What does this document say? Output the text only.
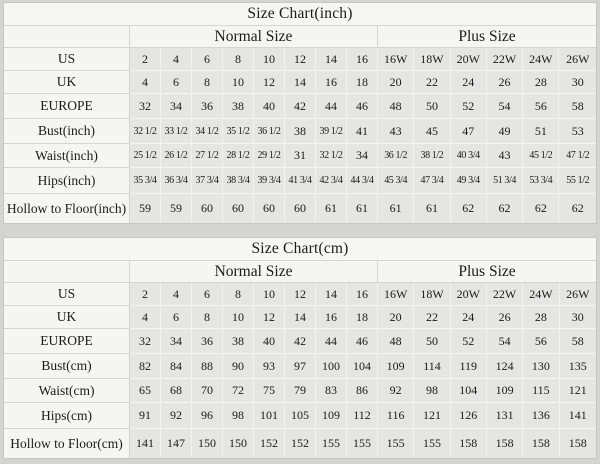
Size Chart(inch)														
	Normal Size								Plus Size					
US	2	4	6	8	10	12	14	16	16W	18W	20W	22W	24W	26W
UK	4	6	8	10	12	14	16	18	20	22	24	26	28	30
EUROPE	32	34	36	38	40	42	44	46	48	50	52	54	56	58
Bust(inch)	32 1/2	33 1/2	34 1/2	35 1/2	36 1/2	38	39 1/2	41	43	45	47	49	51	53
Waist(inch)	25 1/2	26 1/2	27 1/2	28 1/2	29 1/2	31	32 1/2	34	36 1/2	38 1/2	40 3/4	43	45 1/2	47 1/2
Hips(inch)	35 3/4	36 3/4	37 3/4	38 3/4	39 3/4	41 3/4	42 3/4	44 3/4	45 3/4	47 3/4	49 3/4	51 3/4	53 3/4	55 1/2
Hollow to Floor(inch)	59	59	60	60	60	60	61	61	61	61	62	62	62	62
Size Chart(cm)														
	Normal Size								Plus Size					
US	2	4	6	8	10	12	14	16	16W	18W	20W	22W	24W	26W
UK	4	6	8	10	12	14	16	18	20	22	24	26	28	30
EUROPE	32	34	36	38	40	42	44	46	48	50	52	54	56	58
Bust(cm)	82	84	88	90	93	97	100	104	109	114	119	124	130	135
Waist(cm)	65	68	70	72	75	79	83	86	92	98	104	109	115	121
Hips(cm)	91	92	96	98	101	105	109	112	116	121	126	131	136	141
Hollow to Floor(cm)	141	147	150	150	152	152	155	155	155	155	158	158	158	158
